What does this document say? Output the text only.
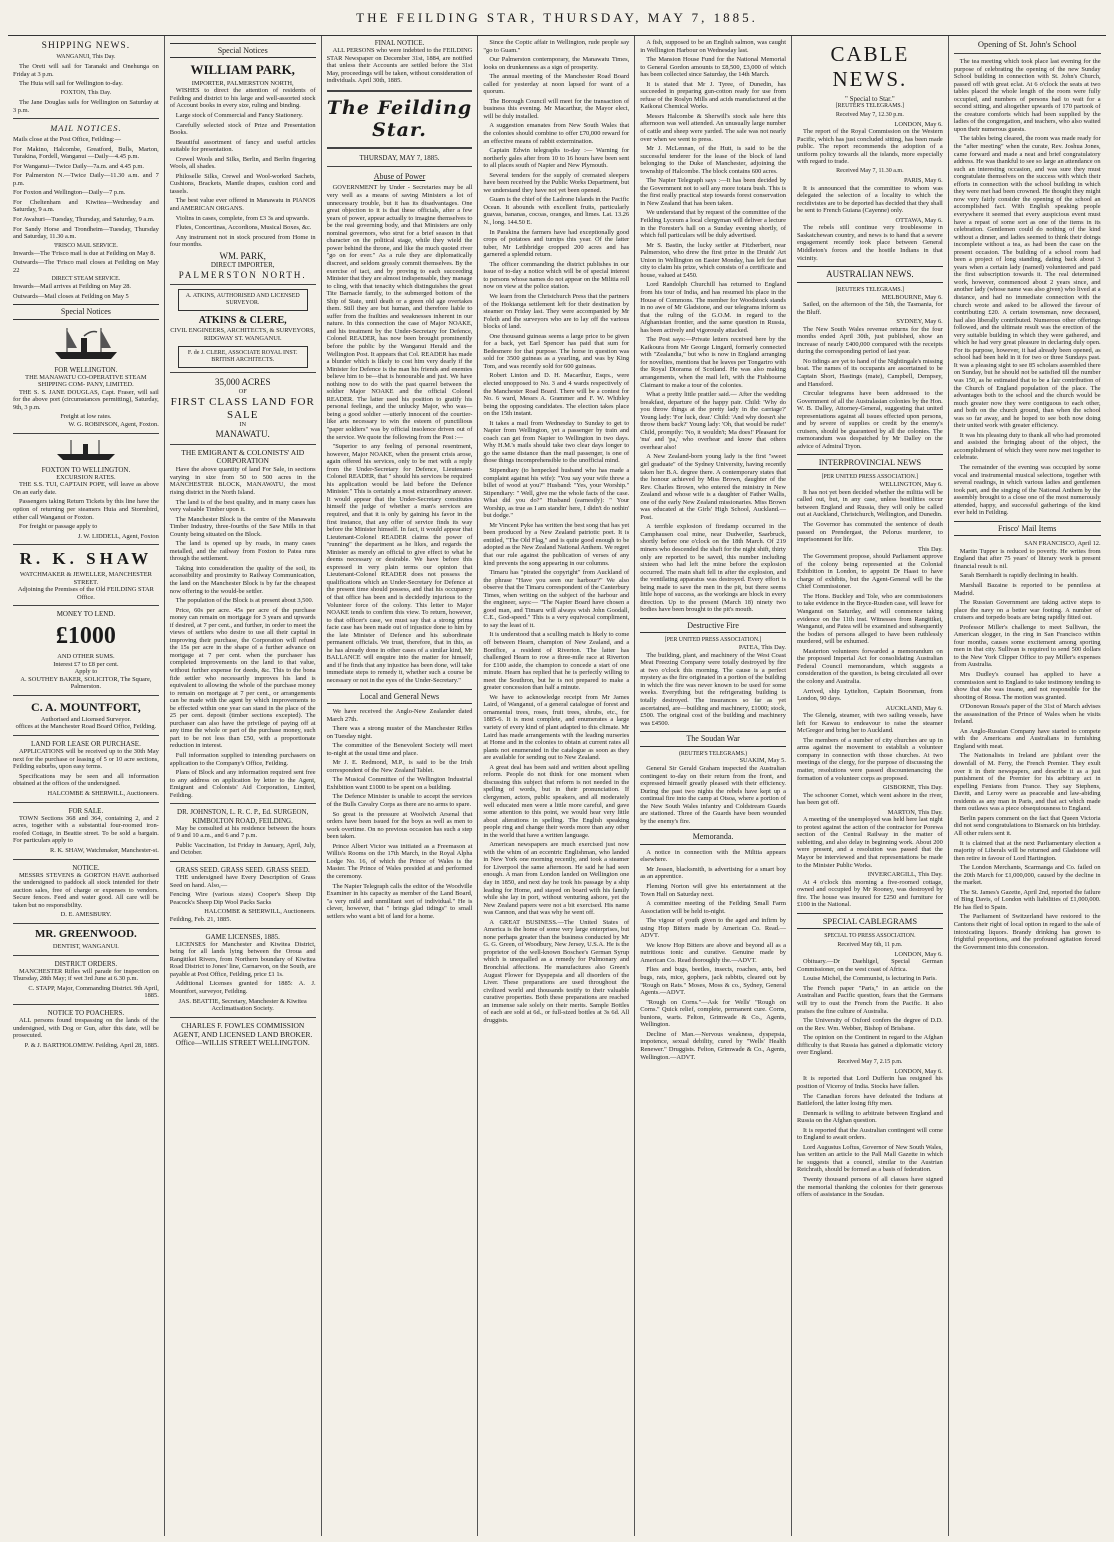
THE FEILDING STAR, THURSDAY, MAY 7, 1885.
SHIPPING NEWS.
WANGANUI, This Day.

The Oreti will sail for Taranaki and Onehunga on Friday at 3 p.m.

The Huia will sail for Wellington to-day.

FOXTON, This Day.

The Jane Douglas sails for Wellington on Saturday at 3 p.m.

MAIL NOTICES.

Mails close at the Post Office, Feilding:—

For Makino, Halcombe, Greatford, Bulls, Marton, Turakina, Fordell, Wanganui —Daily—4.45 p.m.

For Wanganui—Twice Daily—7a.m. and 4.45 p.m.

For Palmerston N.—Twice Daily—11.30 a.m. and 7 p.m.

For Foxton and Wellington—Daily—7 p.m.

For Cheltenham and Kiwitea—Wednesday and Saturday, 9 a.m.

For Awahuri—Tuesday, Thursday, and Saturday, 9 a.m.

For Sandy Horse and Trondheim—Tuesday, Thursday and Saturday, 11.30 a.m.

'FRISCO MAIL SERVICE.

Inwards—The 'Frisco mail is due at Feilding on May 8.

Outwards—The 'Frisco mail closes at Feilding on May 22

DIRECT STEAM SERVICE.

Inwards—Mail arrives at Feilding on May 28.

Outwards—Mail closes at Feilding on May 5

Special Notices
FOR WELLINGTON.
THE MANAWATU CO-OPERATIVE STEAM SHIPPING COM- PANY, LIMITED.

THE S. S. JANE DOUGLAS, Capt. Fraser, will sail for the above port (circumstances permitting), Saturday, 9th, 3 p.m.

Freight at low rates.
W. G. ROBINSON, Agent, Foxton.
FOXTON TO WELLINGTON.
EXCURSION RATES.

THE S.S. TUI, CAPTAIN POPE, will leave as above On an early date.

Passengers taking Return Tickets by this line have the option of returning per steamers Huia and Stormbird, either call Wanganui or Foxton.

For freight or passage apply to

J. W. LIDDELL, Agent, Foxton
R. K. SHAW
WATCHMAKER & JEWELLER, MANCHESTER STREET.
Adjoining the Premises of the Old FEILDING STAR Office.
MONEY TO LEND.
£1000
AND OTHER SUMS.
Interest £7 to £8 per cent.
Apply to
A. SOUTHEY BAKER, SOLICITOR, The Square, Palmerston.
C. A. MOUNTFORT,
Authorised and Licensed Surveyor.
offices at the Manchester Road Board Office, Feilding.
LAND FOR LEASE OR PURCHASE.

APPLICATIONS will be received up to the 30th May next for the purchase or leasing of 5 or 10 acre sections, Feilding suburbs, upon easy terms.

Specifications may be seen and all information obtained at the offices of the undersigned.

HALCOMBE & SHERWILL, Auctioneers.
FOR SALE.

TOWN Sections 368 and 364, containing 2, and 2 acres, together with a substantial four-roomed iron-roofed Cottage, in Beattie street. To be sold a bargain. For particulars apply to

R. K. SHAW, Watchmaker, Manchester-st.
NOTICE.

MESSRS STEVENS & GORTON HAVE authorised the undersigned to paddock all stock intended for their auction sales, free of charge or expenses to vendors. Secure fences. Feed and water good. All care will be taken but no responsibility.

D. E. AMESBURY.
MR. GREENWOOD.
DENTIST, WANGANUI.
DISTRICT ORDERS.

MANCHESTER Rifles will parade for inspection on Thursday, 28th May; if wet 3rd June at 6.30 p.m.

C. STAPP, Major, Commanding District. 9th April, 1885.
NOTICE TO POACHERS.

ALL persons found trespassing on the lands of the undersigned, with Dog or Gun, after this date, will be prosecuted.

P. & J. BARTHOLOMEW. Feilding, April 28, 1885.
Special Notices
WILLIAM PARK,
IMPORTER, PALMERSTON NORTH,

WISHES to direct the attention of residents of Feilding and district to his large and well-assorted stock of Account books in every size, ruling and binding.

Large stock of Commercial and Fancy Stationery.

Carefully selected stock of Prize and Presentation Books.

Beautiful assortment of fancy and useful articles suitable for presentation.

Crewel Wools and Silks, Berlin, and Berlin fingering Wools, all shades.

Philoselle Silks, Crewel and Wool-worked Sachets, Cushions, Brackets, Mantle drapes, cushion cord and tassels.

The best value ever offered in Manawatu in PIANOS and AMERICAN ORGANS.

Violins in cases, complete, from £3 3s and upwards.

Flutes, Concertinas, Accordions, Musical Boxes, &c.

Any instrument not in stock procured from Home in four months.

WM. PARK,
DIRECT IMPORTER,
PALMERSTON NORTH.
A. ATKINS, AUTHORISED AND LICENSED SURVEYOR.
ATKINS & CLERE,
CIVIL ENGINEERS, ARCHITECTS, & SURVEYORS, RIDGWAY ST. WANGANUI.
F. de J. CLERE, ASSOCIATE ROYAL INST. BRITISH ARCHITECTS.
35,000 ACRES
OF
FIRST CLASS LAND FOR SALE
IN
MANAWATU.
THE EMIGRANT & COLONISTS' AID CORPORATION

Have the above quantity of land For Sale, in sections varying in size from 50 to 500 acres in the MANCHESTER BLOCK, MANAWATU, the most rising district in the North Island.

The land is of the best quality, and in many cases has very valuable Timber upon it.

The Manchester Block is the centre of the Manawatu Timber Industry, three-fourths of the Saw Mills in that County being situated on the Block.

The land is opened up by roads, in many cases metalled, and the railway from Foxton to Patea runs through the settlement.

Taking into consideration the quality of the soil, its accessibility and proximity to Railway Communication, the land on the Manchester Block is by far the cheapest now offering to the would-be settler.

The population of the Block is at present about 3,500.

Price, 60s per acre. 45s per acre of the purchase money can remain on mortgage for 3 years and upwards if desired, at 7 per cent., and further, in order to meet the views of settlers who desire to use all their capital in improving their purchase, the Corporation will refund the 15s per acre in the shape of a further advance on mortgage at 7 per cent. when the purchaser has completed improvements on the land to that value, without further expense for deeds, &c. This to the bona fide settler who necessarily improves his land is equivalent to allowing the whole of the purchase money to remain on mortgage at 7 per cent., or arrangements can be made with the agent by which improvements to be effected within one year can stand in the place of the 25 per cent. deposit (timber sections excepted). The purchaser can also have the privilege of paying off at any time the whole or part of the purchase money, such part to be not less than £50, with a proportionate reduction in interest.

Full information supplied to intending purchasers on application to the Company's Office, Feilding.

Plans of Block and any information required sent free to any address on application by letter to the Agent, Emigrant and Colonists' Aid Corporation, Limited, Feilding.

DR. JOHNSTON, L. R. C. P., Ed. SURGEON, KIMBOLTON ROAD, FEILDING.

May be consulted at his residence between the hours of 9 and 10 a.m., and 6 and 7 p.m.

Public Vaccination, 1st Friday in January, April, July, and October.

GRASS SEED. GRASS SEED. GRASS SEED.

THE undersigned have Every Description of Grass Seed on hand. Also,—

Fencing Wire (various sizes) Cooper's Sheep Dip Peacock's Sheep Dip Wool Packs Sacks

HALCOMBE & SHERWILL, Auctioneers.
Feilding, Feb. 21, 1885.
GAME LICENSES, 1885.

LICENSES for Manchester and Kiwitea District, being for all lands lying between the Oroua and Rangitikei Rivers, from Northern boundary of Kiwitea Road District to Jones' line, Carnarvon, on the South, are payable at Post Office, Feilding, price £1 1s.

Additional Licenses granted for 1885: A. J. Mountfort, surveyor, Feilding.

JAS. BEATTIE, Secretary, Manchester & Kiwitea Acclimatisation Society.
CHARLES F. FOWLES COMMISSION AGENT, AND LICENSED LAND BROKER. Office—WILLIS STREET WELLINGTON.
FINAL NOTICE.

ALL PERSONS who were indebted to the FEILDING STAR Newspaper on December 31st, 1884, are notified that unless their Accounts are settled before the 31st May, proceedings will be taken, without consideration of individuals. April 30th, 1885.

The Feilding Star.
THURSDAY, MAY 7, 1885.
Abuse of Power

GOVERNMENT by Under - Secretaries may be all very well as a means of saving Ministers a lot of unnecessary trouble, but it has its disadvantages. One great objection to it is that these officials, after a few years of power, appear actually to imagine themselves to be the real governing body, and that Ministers are only nominal governors, who strut for a brief season in that character on the political stage, while they wield the power behind the throne, and like the much quoted river "go on for ever." As a rule they are diplomatically discreet, and seldom grossly commit themselves. By the exercise of tact, and by proving to each succeeding Minister that they are almost indispensable, they manage to cling, with that tenacity which distinguishes the great Tite Barnacle family, to the submerged bottom of the Ship of State, until death or a green old age overtakes them. Still they are but human, and therefore liable to suffer from the frailties and weaknesses inherent in our nature. In this connection the case of Major NOAKE, and his treatment by the Under-Secretary for Defence, Colonel READER, has now been brought prominently before the public by the Wanganui Herald and the Wellington Post. It appears that Col. READER has made a blunder which is likely to cost him very dearly if the Minister for Defence is the man his friends and enemies believe him to be—that is honourable and just. We have nothing now to do with the past quarrel between the soldier Major NOAKE and the official Colonel READER. The latter used his position to gratify his personal feelings, and the unlucky Major, who was—being a good soldier —utterly innocent of the courtier-like arts necessary to win the esteem of punctilious "paper soldiers" was by official insolence driven out of the service. We quote the following from the Post :—

"Superior to any feeling of personal resentment, however, Major NOAKE, when the present crisis arose, again offered his services, only to be met with a reply from the Under-Secretary for Defence, Lieutenant-Colonel READER, that " should his services be required his application would be laid before the Defence Minister." This is certainly a most extraordinary answer. It would appear that the Under-Secretary constitutes himself the judge of whether a man's services are required, and that it is only by gaining his favor in the first instance, that any offer of service finds its way before the Minister himself. In fact, it would appear that Lieutenant-Colonel READER claims the power of "running" the department as he likes, and regards the Minister as merely an official to give effect to what he deems necessary or desirable. We have before this expressed in very plain terms our opinion that Lieutenant-Colonel READER does not possess the qualifications which an Under-Secretary for Defence at the present time should possess, and that his occupancy of that office has been and is decidedly injurious to the Volunteer force of the colony. This letter to Major NOAKE tends to confirm this view. To return, however, to that officer's case, we must say that a strong prima facie case has been made out of injustice done to him by the late Minister of Defence and his subordinate permanent officials. We trust, therefore, that in this, as he has already done in other cases of a similar kind, Mr BALLANCE will enquire into the matter for himself, and if he finds that any injustice has been done, will take immediate steps to remedy it, whether such a course be necessary or not in the eyes of the Under-Secretary."

Local and General News

We have received the Anglo-New Zealander dated March 27th.

There was a strong muster of the Manchester Rifles on Tuesday night.

The committee of the Benevolent Society will meet to-night at the usual time and place.

Mr J. E. Redmond, M.P., is said to be the Irish correspondent of the New Zealand Tablet.

The Musical Committee of the Wellington Industrial Exhibition want £1000 to be spent on a building.

The Defence Minister is unable to accept the services of the Bulls Cavalry Corps as there are no arms to spare.

So great is the pressure at Woolwich Arsenal that orders have been issued for the boys as well as men to work overtime. On no previous occasion has such a step been taken.

Prince Albert Victor was initiated as a Freemason at Willis's Rooms on the 17th March, in the Royal Alpha Lodge No. 16, of which the Prince of Wales is the Master. The Prince of Wales presided at and performed the ceremony.

The Napier Telegraph calls the editor of the Woodville Examiner in his capacity as member of the Land Board, "a very mild and unmilitant sort of individual." He is clever, however, that " brings glad tidings" to small settlers who want a bit of land for a home.

Since the Coptic affair in Wellington, rude people say "go to Guam."

Our Palmerston contemporary, the Manawatu Times, looks on drunkenness as a sign of prosperity.

The annual meeting of the Manchester Road Board called for yesterday at noon lapsed for want of a quorum.

The Borough Council will meet for the transaction of business this evening. Mr Macarthur, the Mayor elect, will be duly installed.

A suggestion emanates from New South Wales that the colonies should combine to offer £70,000 reward for an effective means of rabbit extermination.

Captain Edwin telegraphs to-day :— Warning for northerly gales after from 10 to 16 hours have been sent to all places south of Napier and New Plymouth.

Several tenders for the supply of cremated sleepers have been received by the Public Works Department, but we understand they have not yet been opened.

Guam is the chief of the Ladrone Islands in the Pacific Ocean. It abounds with excellent fruits, particularly guavas, bananas, cocoas, oranges, and limes. Lat. 13.26 N., long. 144.50 E.

In Parakina the farmers have had exceptionally good crops of potatoes and turnips this year. Of the latter tuber, Mr Lethbridge cropped 200 acres and has garnered a splendid return.

The officer commanding the district publishes in our issue of to-day a notice which will be of special interest to persons whose names do not appear on the Militia roll now on view at the police station.

We learn from the Christchurch Press that the partners of the Hokianga settlement left for their destination by steamer on Friday last. They were accompanied by Mr Foleth and the surveyors who are to lay off the various blocks of land.

One thousand guineas seems a large price to be given for a back, yet Earl Spencer has paid that sum for Bedesmere for that purpose. The horse in question was sold for 3500 guineas as a yearling, and was by King Tom, and was recently sold for 600 guineas.

Robert Linton and D. H. Macarthur, Esqrs., were elected unopposed to No. 3 and 4 wards respectively of the Manchester Road Board. There will be a contest for No. 6 ward, Messrs A. Grammer and F. W. Whibley being the opposing candidates. The election takes place on the 15th instant.

It takes a mail from Wednesday to Sunday to get to Napier from Wellington, yet a passenger by train and coach can get from Napier to Wellington in two days. Why H.M.'s mails should take two clear days longer to go the same distance than the mail passenger, is one of those things incomprehensible to the unofficial mind.

Stipendiary (to henpecked husband who has made a complaint against his wife): "You say your wife threw a billet of wood at you?" Husband: "Yes, your Worship." Stipendiary: " Well, give me the whole facts of the case. What did you do?" Husband (earnestly): " Your Worship, as true as I am standin' here, I didn't do nothin' but dodge."

Mr Vincent Pyke has written the best song that has yet been produced by a New Zealand patriotic poet. It is entitled, "The Old Flag," and is quite good enough to be adopted as the New Zealand National Anthem. We regret that our rule against the publication of verses of any kind prevents the song appearing in our columns.

Timaru has "pirated the copyright" from Auckland of the phrase "Have you seen our harbour?" We also observe that the Timaru correspondent of the Canterbury Times, when writing on the subject of the harbour and the engineer, says:— "The Napier Board have chosen a good man, and Timaru will always wish John Goodall, C.E., God-speed." This is a very equivocal compliment, to say the least of it.

It is understood that a sculling match is likely to come off between Hearn, champion of New Zealand, and a Bonifice, a resident of Riverton. The latter has challenged Hearn to row a three-mile race at Riverton for £100 aside, the champion to concede a start of one minute. Hearn has replied that he is perfectly willing to meet the Southron, but he is not prepared to make a greater concession than half a minute.

We have to acknowledge receipt from Mr James Laird, of Wanganui, of a general catalogue of forest and ornamental trees, roses, fruit trees, shrubs, etc., for 1885-6. It is most complete, and enumerates a large variety of every kind of plant adapted to this climate. Mr Laird has made arrangements with the leading nurseries at Home and in the colonies to obtain at current rates all plants not enumerated in the catalogue as soon as they are available for sending out to New Zealand.

A great deal has been said and written about spelling reform. People do not think for one moment when discussing this subject that reform is not needed in the spelling of words, but in their pronunciation. If clergymen, actors, public speakers, and all moderately well educated men were a little more careful, and gave some attention to this point, we would hear very little about alterations in spelling. The English speaking people ring and change their words more than any other in the world that have a written language.

American newspapers are much exercised just now with the whim of an eccentric Englishman, who landed in New York one morning recently, and took a steamer for Liverpool the same afternoon. He said he had seen enough. A man from London landed on Wellington one day in 1850, and next day he took his passage by a ship leading for Home, and stayed on board with his family while she lay in port, without venturing ashore, yet the New Zealand papers were not a bit exercised. His name was Cannon, and that was why he went off.

A GREAT BUSINESS.—The United States of America is the home of some very large enterprises, but none perhaps greater than the business conducted by Mr G. G. Green, of Woodbury, New Jersey, U.S.A. He is the proprietor of the well-known Boschee's German Syrup which is unequalled as a remedy for Pulmonary and Bronchial affections. He manufactures also Green's August Flower for Dyspepsia and all disorders of the Liver. These preparations are used throughout the civilized world and thousands testify to their valuable curative properties. Both these preparations are reached an immense sale solely on their merits. Sample Bottles of each are sold at 6d., or full-sized bottles at 3s 6d. All druggists.

A fish, supposed to be an English salmon, was caught in Wellington Harbour on Wednesday last.

The Mansion House Fund for the National Memorial to General Gordon amounts to £8,500, £3,000 of which has been collected since Saturday, the 14th March.

It is stated that Mr J. Tyree, of Dunedin, has succeeded in preparing gun-cotton ready for use from refuse of the Roslyn Mills and acids manufactured at the Kaikorai Chemical Works.

Messrs Halcombe & Sherwill's stock sale here this afternoon was well attended. An unusually large number of cattle and sheep were yarded. The sale was not nearly over when we went to press.

Mr J. McLennan, of the Hutt, is said to be the successful tenderer for the lease of the block of land belonging to the Duke of Manchester, adjoining the township of Halcombe. The block contains 600 acres.

The Napier Telegraph says :—It has been decided by the Government not to sell any more totara bush. This is the first really practical step towards forest conservation in New Zealand that has been taken.

We understand that by request of the committee of the Feilding Lyceum a local clergyman will deliver a lecture in the Forester's hall on a Sunday evening shortly, of which full particulars will be duly advertised.

Mr S. Bastin, the lucky settler at Fitzherbert, near Palmerston, who drew the first prize in the Druids' Art Union in Wellington on Easter Monday, has left for that city to claim his prize, which consists of a certificate and house, valued at £450.

Lord Randolph Churchill has returned to England from his tour of India, and has resumed his place in the House of Commons. The member for Woodstock stands in no awe of Mr Gladstone, and our telegrams inform us that the ruling of the G.O.M. in regard to the Afghanistan frontier, and the same question in Russia, has been actively and vigorously attacked.

The Post says:—Private letters received here by the Kaikoura from Mr George Lingard, formerly connected with "Zealandia," but who is now in England arranging for novelties, mentions that he leaves per Tongariro with the Royal Diorama of Scotland. He was also making arrangements, when the mail left, with the Fishbourne Claimant to make a tour of the colonies.

What a pretty little prattler said.— After the wedding breakfast, departure of the happy pair. Child: 'Why do you throw things at the pretty lady in the carriage?' Young lady: 'For luck, dear.' Child: 'And why doesn't she throw them back?' Young lady: 'Oh, that would be rude!' Child, promptly: 'No, it wouldn't; Ma does!' Pleasant for 'ma' and 'pa,' who overhear and know that others overhear also!

A New Zealand-born young lady is the first "sweet girl graduate" of the Sydney University, having recently taken her B.A. degree there. A contemporary states that the honour achieved by Miss Brown, daughter of the Rev. Charles Brown, who entered the ministry in New Zealand and whose wife is a daughter of Father Wallis, one of the early New Zealand missionaries. Miss Brown was educated at the Girls' High School, Auckland.—Post.

A terrible explosion of firedamp occurred in the Camphausen coal mine, near Dudweiler, Saarbruck, shortly before one o'clock on the 18th March. Of 219 miners who descended the shaft for the night shift, thirty only are reported to be saved, this number including sixteen who had left the mine before the explosion occurred. The main shaft fell in after the explosion, and the ventilating apparatus was destroyed. Every effort is being made to save the men in the pit, but there seems little hope of success, as the workings are block in every direction. Up to the present (March 18) ninety two bodies have been brought to the pit's mouth.

Destructive Fire
[PER UNITED PRESS ASSOCIATION.]
PATEA, This Day.

The building, plant, and machinery of the West Coast Meat Freezing Company were totally destroyed by fire at two o'clock this morning. The cause is a perfect mystery as the fire originated in a portion of the building in which the fire was never known to be used for some weeks. Everything but the refrigerating building is totally destroyed. The insurances so far as yet ascertained, are—building and machinery, £1000; stock, £500. The original cost of the building and machinery was £4500.

The Soudan War
(REUTER'S TELEGRAMS.)
SUAKIM, May 5.

General Sir Gerald Graham inspected the Australian contingent to-day on their return from the front, and expressed himself greatly pleased with their efficiency. During the past two nights the rebels have kept up a continual fire into the camp at Otsoa, where a portion of the New South Wales infantry and Coldstream Guards are stationed. Three of the Guards have been wounded by the enemy's fire.

Memoranda.

A notice in connection with the Militia appears elsewhere.

Mr Jessen, blacksmith, is advertising for a smart boy as an apprentice.

Fleming Norton will give his entertainment at the Town Hall on Saturday next.

A committee meeting of the Feilding Small Farm Association will be held to-night.

The vigour of youth given to the aged and infirm by using Hop Bitters made by American Co. Read.—ADVT.

We know Hop Bitters are above and beyond all as a nutritious tonic and curative. Genuine made by American Co. Read thoroughly the.—ADVT.

Flies and bugs, beetles, insects, roaches, ants, bed bugs, rats, mice, gophers, jack rabbits, cleared out by "Rough on Rats." Moses, Moss & co., Sydney, General Agents.—ADVT.

"Rough on Corns."—Ask for Wells' "Rough on Corns." Quick relief, complete, permanent cure. Corns, bunions, warts. Felton, Grimwade & Co., Agents, Wellington.

Decline of Man.—Nervous weakness, dyspepsia, impotence, sexual debility, cured by "Wells' Health Renewer." Druggists. Felton, Grimwade & Co., Agents, Wellington.—ADVT.

CABLE NEWS.
" Special to Star."
[REUTER'S TELEGRAMS.]
Received May 7, 12.30 p.m.
LONDON, May 6.

The report of the Royal Commission on the Western Pacific, which has just concluded sitting, has been made public. The report recommends the adoption of a uniform policy towards all the islands, more especially with regard to trade.

Received May 7, 11.30 a.m.
PARIS, May 6.

It is announced that the committee to whom was delegated the selection of a locality to which the recidivistes are to be deported has decided that they shall be sent to French Guiana (Cayenne) only.

OTTAWA, May 6.

The rebels still continue very troublesome in Saskatchewan country, and news is to hand that a severe engagement recently took place between General Middleton's forces and the hostile Indians in that vicinity.

AUSTRALIAN NEWS.
[REUTER'S TELEGRAMS.]
MELBOURNE, May 6.

Sailed, on the afternoon of the 5th, the Tasmania, for the Bluff.

SYDNEY, May 6.

The New South Wales revenue returns for the four months ended April 30th, just published, show an increase of nearly £400,000 compared with the receipts during the corresponding period of last year.

No tidings are yet to hand of the Nightingale's missing boat. The names of its occupants are ascertained to be Captain Short, Hastings (mate), Campbell, Dempsey, and Hansford.

Circular telegrams have been addressed to the Government of all the Australasian colonies by the Hon. W. B. Dalley, Attorney-General, suggesting that united representations against all issues effected upon persons, and by severe of supplies or credit by the enemy's cruisers, should be guaranteed by all the colonies. The memorandum was despatched by Mr Dalley on the advice of Admiral Tryon.

INTERPROVINCIAL NEWS
[PER UNITED PRESS ASSOCIATION.]
WELLINGTON, May 6.

It has not yet been decided whether the militia will be called out, but, in any case, unless hostilities occur between England and Russia, they will only be called out at Auckland, Christchurch, Wellington, and Dunedin.

The Governor has commuted the sentence of death passed on Prendergast, the Pelorus murderer, to imprisonment for life.

This Day.

The Government propose, should Parliament approve of the colony being represented at the Colonial Exhibition in London, to appoint Dr Haast to have charge of exhibits, but the Agent-General will be the Chief Commissioner.

The Hons. Buckley and Tole, who are commissioners to take evidence in the Bryce-Rusden case, will leave for Wanganui on Saturday, and will commence taking evidence on the 11th inst. Witnesses from Rangitikei, Wanganui, and Patea will be examined and subsequently the bodies of persons alleged to have been ruthlessly murdered, will be exhumed.

Masterton volunteers forwarded a memorandum on the proposed Imperial Act for consolidating Australian Federal Council memorandum, which suggests a consideration of the question, is being circulated all over the colony and Australia.

Arrived, ship Lyttelton, Captain Boorsman, from London, 90 days.

AUCKLAND, May 6.

The Glenelg, steamer, with two sailing vessels, have left for Kawau to endeavour to raise the steamer McGregor and bring her to Auckland.

The members of a number of city churches are up in arms against the movement to establish a volunteer company in connection with those churches. At two meetings of the clergy, for the purpose of discussing the matter, resolutions were passed discountenancing the formation of a volunteer corps as proposed.

GISBORNE, This Day.

The schooner Comet, which went ashore in the river, has been got off.

MARTON, This Day.

A meeting of the unemployed was held here last night to protest against the action of the contractor for Porewa section of the Central Railway in the matter of subletting, and also delay in beginning work. About 200 were present, and a resolution was passed that the Mayor be interviewed and that representations be made to the Minister Public Works.

INVERCARGILL, This Day.

At 4 o'clock this morning a five-roomed cottage, owned and occupied by Mr Rooney, was destroyed by fire. The house was insured for £250 and furniture for £100 in the National.

SPECIAL CABLEGRAMS
SPECIAL TO PRESS ASSOCIATION.
Received May 6th, 11 p.m.
LONDON, May 6.

Obituary.—Dr Daehligel, Special German Commissioner, on the west coast of Africa.

Louise Michel, the Communist, is lecturing in Paris.

The French paper "Paris," in an article on the Australian and Pacific question, fears that the Germans will try to oust the French from the Pacific. It also praises the fine culture of Australia.

The University of Oxford confers the degree of D.D. on the Rev. Wm. Webber, Bishop of Brisbane.

The opinion on the Continent in regard to the Afghan difficulty is that Russia has gained a diplomatic victory over England.

Received May 7, 2.15 p.m.
LONDON, May 6.

It is reported that Lord Dufferin has resigned his position of Viceroy of India. Stocks have fallen.

The Canadian forces have defeated the Indians at Battleford, the latter losing fifty men.

Denmark is willing to arbitrate between England and Russia on the Afghan question.

It is reported that the Australian contingent will come to England to await orders.

Lord Augustus Loftus, Governor of New South Wales, has written an article to the Pall Mall Gazette in which he suggests that a council, similar to the Austrian Reichrath, should be formed as a basis of federation.

Twenty thousand persons of all classes have signed the memorial thanking the colonies for their generous offers of assistance in the Soudan.

Opening of St. John's School

The tea meeting which took place last evening for the purpose of celebrating the opening of the new Sunday School building in connection with St. John's Church, passed off with great eclat. At 6 o'clock the seats at two tables placed the whole length of the room were fully occupied, and numbers of persons had to wait for a second sitting, and altogether upwards of 170 partook of the creature comforts which had been supplied by the ladies of the congregation, and teachers, who also waited upon their numerous guests.

The tables being cleared, the room was made ready for the "after meeting" when the curate, Rev. Joshua Jones, came forward and made a neat and brief congratulatory address. He was thankful to see so large an attendance on such an interesting occasion, and was sure they must congratulate themselves on the success with which their efforts in connection with the school building in which they were met had been crowned. He thought they might now very fairly consider the opening of the school an accomplished fact. With English speaking people everywhere it seemed that every auspicious event must have a repast of some sort as one of the items in its celebration. Gentlemen could do nothing of the kind without a dinner, and ladies seemed to think their doings incomplete without a tea, as had been the case on the present occasion. The building of a school room had been a project of long standing, dating back about 3 years when a certain lady (named) volunteered and paid the first subscription towards it. The real determined work, however, commenced about 2 years since, and another lady (whose name was also given) who lived at a distance, and had no immediate connection with the church wrote and asked to be allowed the favour of contributing £20. A certain townsman, now deceased, had also liberally contributed. Numerous other offerings followed, and the ultimate result was the erection of the very suitable building in which they were gathered, and which he had very great pleasure in declaring duly open. For its purpose, however, it had already been opened, as school had been held in it for two or three Sundays past. It was a pleasing sight to see 85 scholars assembled there on Sunday, but he should not be satisfied till the number was 150, as he estimated that to be a fair contribution of the Church of England population of the place. The advantages both to the school and the church would be much greater now they were contiguous to each other, and both on the church ground, than when the school was so far away, and he hoped to see both now doing their united work with greater efficiency.

It was his pleasing duty to thank all who had promoted and assisted the bringing about of the object, the accomplishment of which they were now met together to celebrate.

The remainder of the evening was occupied by some vocal and instrumental musical selections, together with several readings, in which various ladies and gentlemen took part, and the singing of the National Anthem by the assembly brought to a close one of the most numerously attended, happy, and successful gatherings of the kind ever held in Feilding.

Frisco' Mail Items
SAN FRANCISCO, April 12.

Martin Tupper is reduced to poverty. He writes from England that after 75 years' of literary work is present financial result is nil.

Sarah Bernhardt is rapidly declining in health.

Marshall Bazaine is reported to be penniless at Madrid.

The Russian Government are taking active steps to place the navy on a better war footing. A number of cruisers and torpedo boats are being rapidly fitted out.

Professor Miller's challenge to meet Sullivan, the American slogger, in the ring in San Francisco within four months, causes some excitement among sporting men in that city. Sullivan is required to send 500 dollars to the New York Clipper Office to pay Miller's expenses from Australia.

Mrs Dudley's counsel has applied to have a commission sent to England to take testimony tending to show that she was insane, and not responsible for the shooting of Rossa. The motion was granted.

O'Donovan Rossa's paper of the 31st of March advises the assassination of the Prince of Wales when he visits Ireland.

An Anglo-Russian Company have started to compete with the Americans and Australians in furnishing England with meat.

The Nationalists in Ireland are jubilant over the downfall of M. Ferry, the French Premier. They exult over it in their newspapers, and describe it as a just punishment of the Premier for his arbitrary act in expelling Fenians from France. They say Stephens, Davitt, and Leroy were as peaceable and law-abiding residents as any man in Paris, and that act which made them outlaws was a piece obsequiousness to England.

Berlin papers comment on the fact that Queen Victoria did not send congratulations to Bismarck on his birthday. All other rulers sent it.

It is claimed that at the next Parliamentary election a majority of Liberals will be returned and Gladstone will then retire in favour of Lord Hartington.

The London Merchants, Scarmanga and Co. failed on the 20th March for £1,000,000, caused by the decline in the market.

The St. James's Gazette, April 2nd, reported the failure of Bing Davis, of London with liabilities of £1,000,000. He has fled to Spain.

The Parliament of Switzerland have restored to the Cantons their right of local option in regard to the sale of intoxicating liquors. Brandy drinking has grown to frightful proportions, and the profound agitation forced the Government into this concession.
